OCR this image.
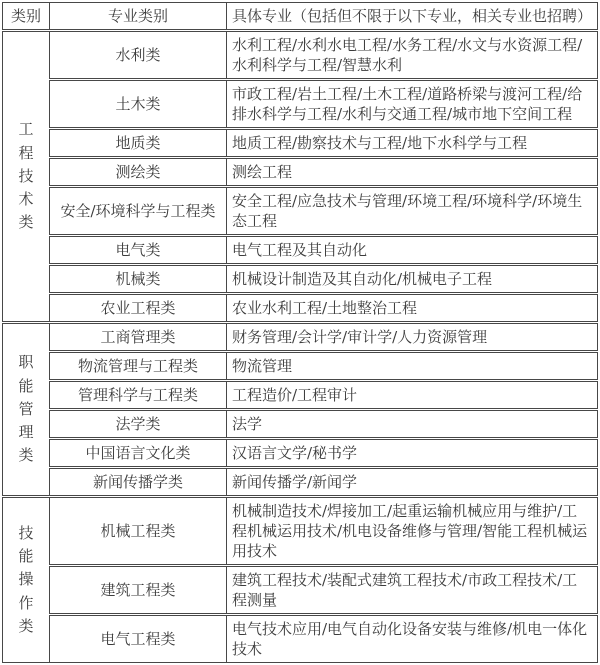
类别	专业类别	具体专业（包括但不限于以下专业，相关专业也招聘）
工程技术类	水利类	水利工程/水利水电工程/水务工程/水文与水资源工程/水利科学与工程/智慧水利
	土木类	市政工程/岩土工程/土木工程/道路桥梁与渡河工程/给排水科学与工程/水利与交通工程/城市地下空间工程
	地质类	地质工程/勘察技术与工程/地下水科学与工程
	测绘类	测绘工程
	安全/环境科学与工程类	安全工程/应急技术与管理/环境工程/环境科学/环境生态工程
	电气类	电气工程及其自动化
	机械类	机械设计制造及其自动化/机械电子工程
	农业工程类	农业水利工程/土地整治工程
职能管理类	工商管理类	财务管理/会计学/审计学/人力资源管理
	物流管理与工程类	物流管理
	管理科学与工程类	工程造价/工程审计
	法学类	法学
	中国语言文化类	汉语言文学/秘书学
	新闻传播学类	新闻传播学/新闻学
技能操作类	机械工程类	机械制造技术/焊接加工/起重运输机械应用与维护/工程机械运用技术/机电设备维修与管理/智能工程机械运用技术
	建筑工程类	建筑工程技术/装配式建筑工程技术/市政工程技术/工程测量
	电气工程类	电气技术应用/电气自动化设备安装与维修/机电一体化技术
